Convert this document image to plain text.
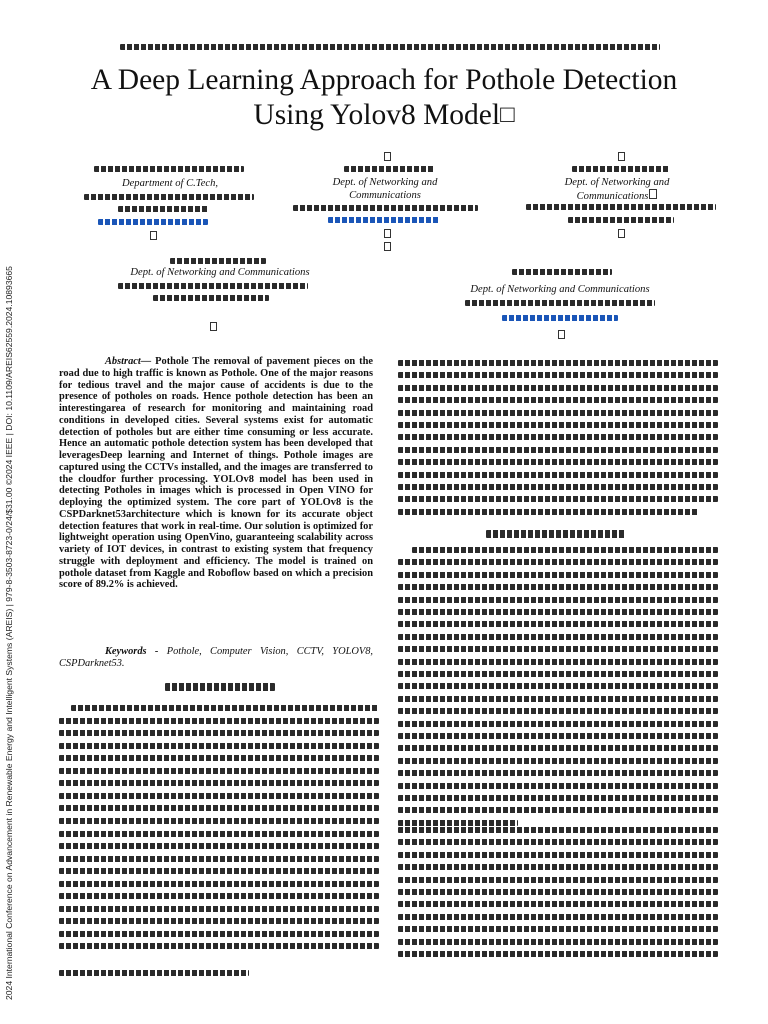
2024 International Conference on Advancement in Renewable Energy and Intelligent Systems (AREIS) | 979-8-3503-8723-0/24/$31.00 ©2024 IEEE | DOI: 10.1109/AREIS62559.2024.10893665
A Deep Learning Approach for Pothole Detection
Using Yolov8 Model□
Department of C.Tech,	Dept. of Networking and
Communications
Dept. of Networking and
Communications
Dept. of Networking and Communications
Dept. of Networking and Communications

Abstract— Pothole The removal of pavement pieces on the road due to high traffic is known as Pothole. One of the major reasons for tedious travel and the major cause of accidents is due to the presence of potholes on roads. Hence pothole detection has been an interestingarea of research for monitoring and maintaining road conditions in developed cities. Several systems exist for automatic detection of potholes but are either time consuming or less accurate. Hence an automatic pothole detection system has been developed that leveragesDeep learning and Internet of things. Pothole images are captured using the CCTVs installed, and the images are transferred to the cloudfor further processing. YOLOv8 model has been used in detecting Potholes in images which is processed in Open VINO for deploying the optimized system. The core part of YOLOv8 is the CSPDarknet53architecture which is known for its accurate object detection features that work in real-time. Our solution is optimized for lightweight operation using OpenVino, guaranteeing scalability across variety of IOT devices, in contrast to existing system that frequency struggle with deployment and efficiency. The model is trained on pothole dataset from Kaggle and Roboflow based on which a precision score of 89.2% is achieved.

Keywords - Pothole, Computer Vision, CCTV, YOLOV8, CSPDarknet53.
